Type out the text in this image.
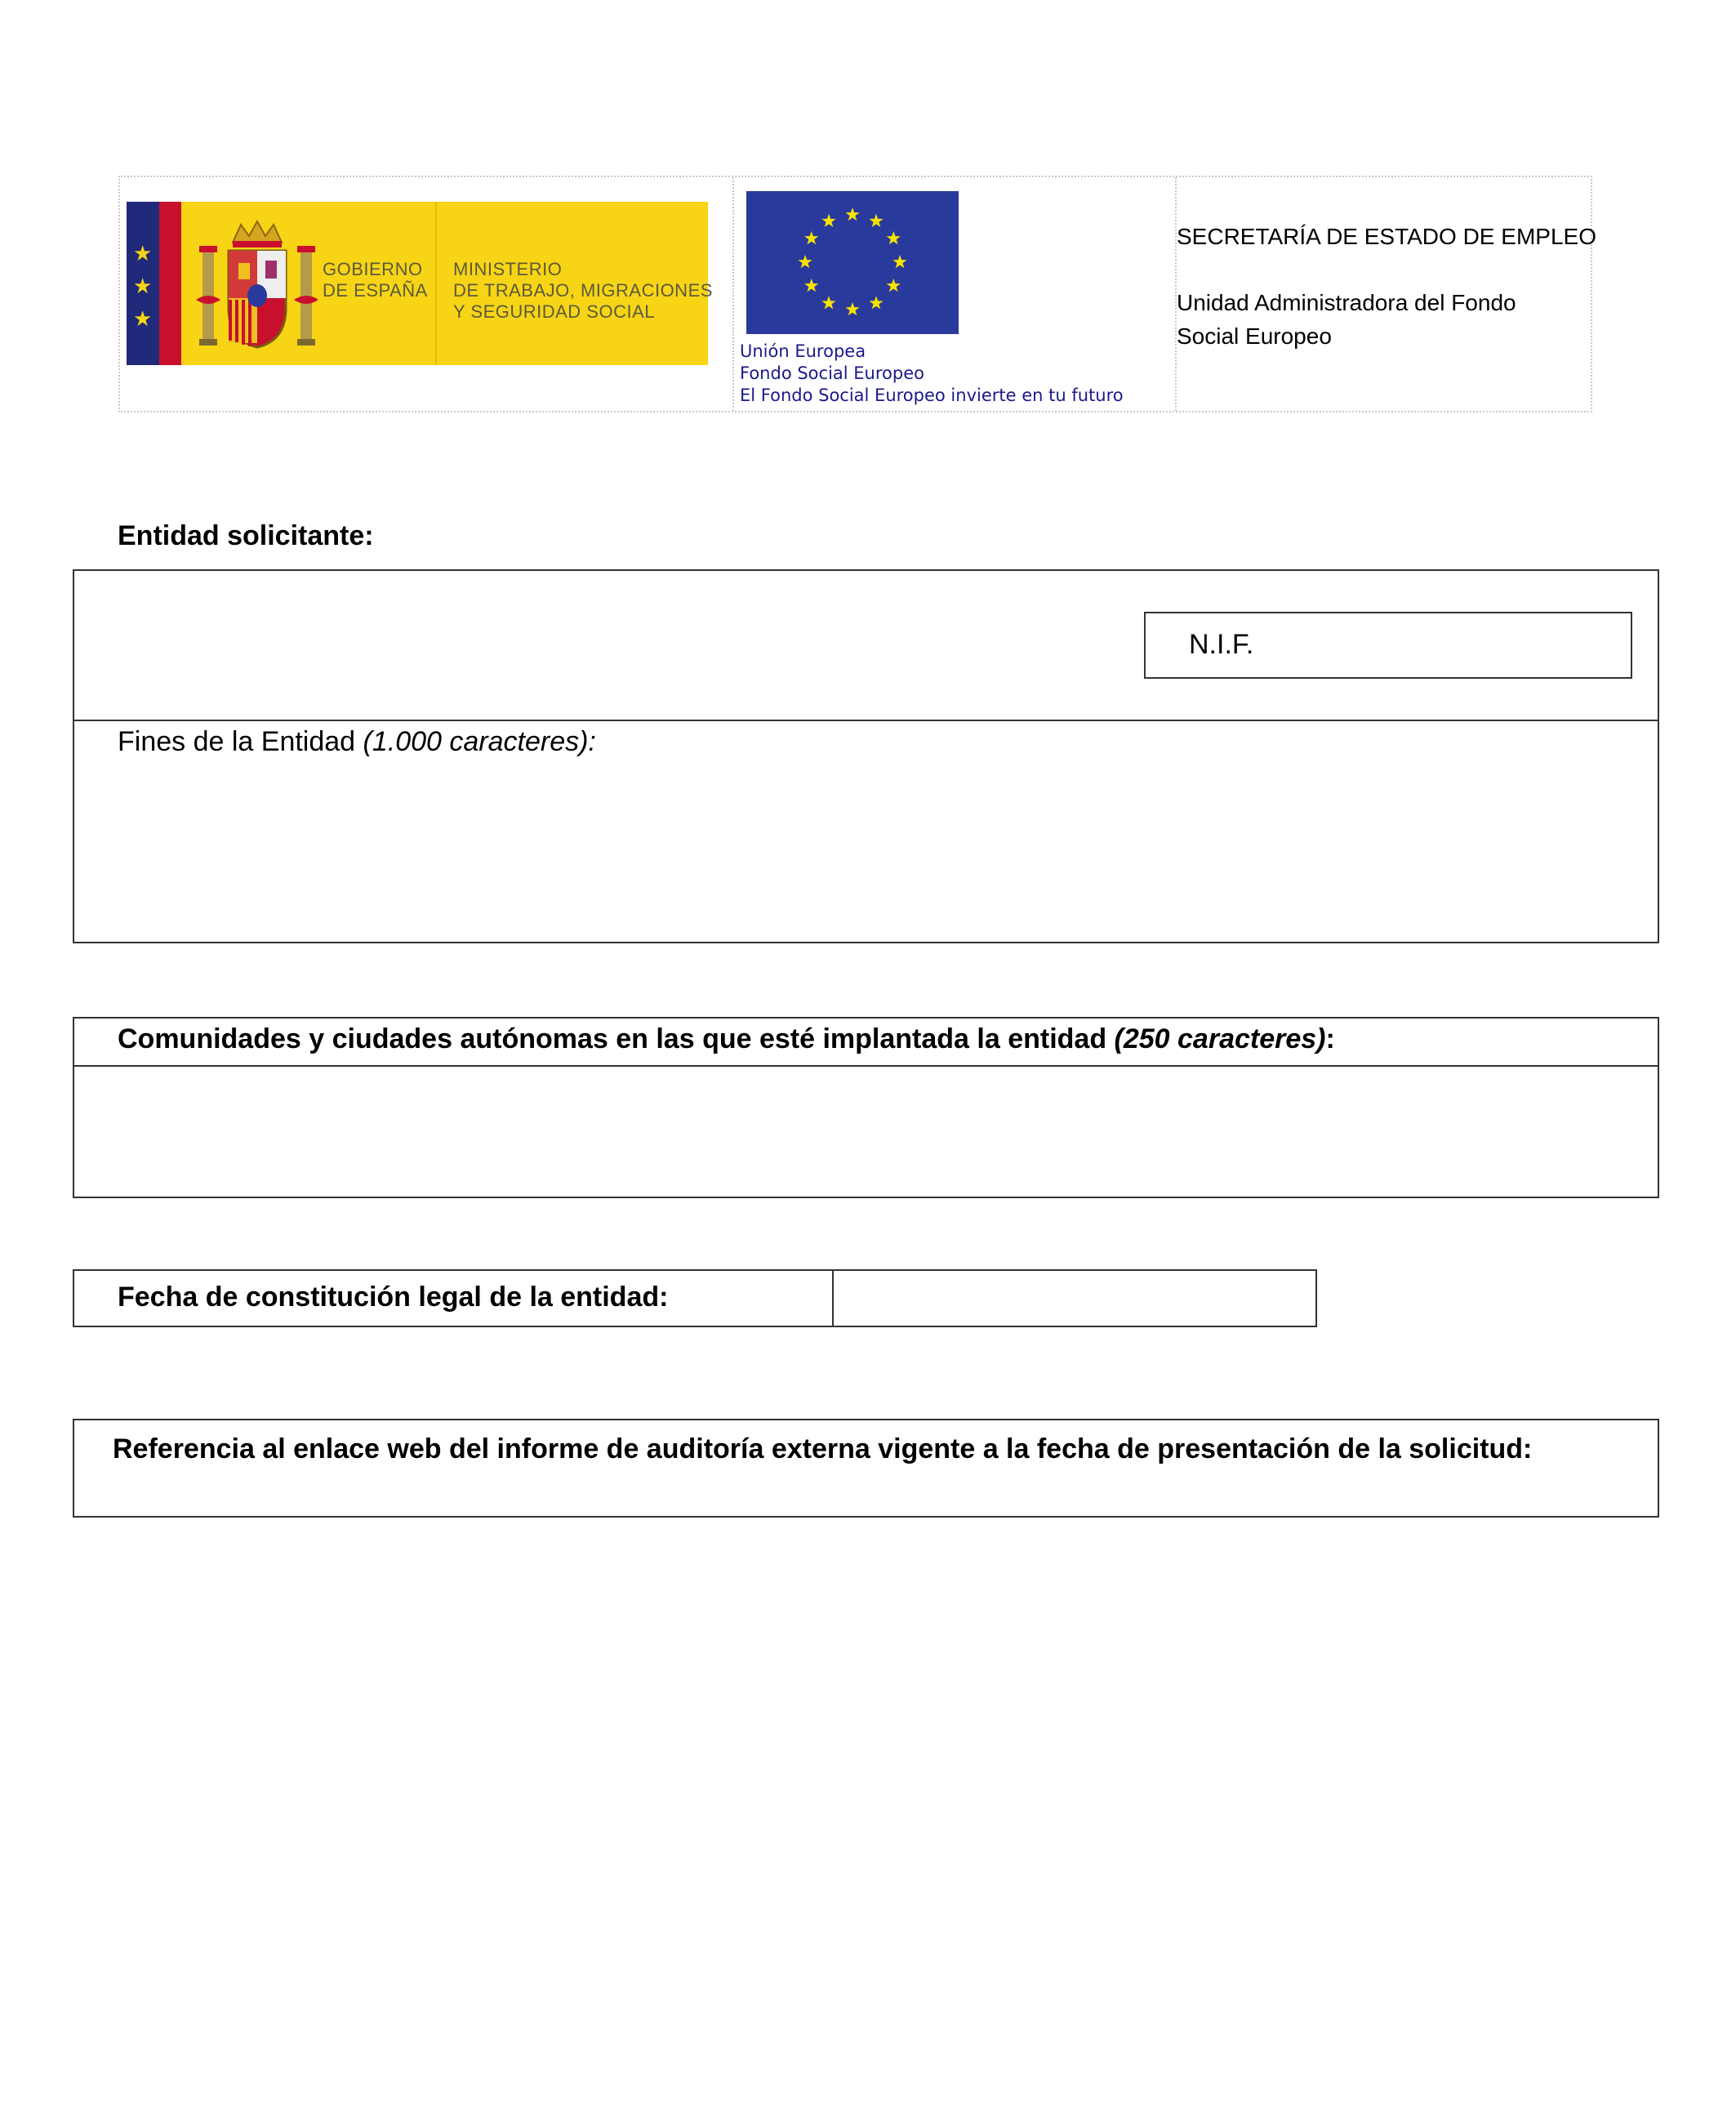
★
★
★
GOBIERNO
DE ESPAÑA
MINISTERIO
DE TRABAJO, MIGRACIONES
Y SEGURIDAD SOCIAL
Unión Europea
Fondo Social Europeo
El Fondo Social Europeo invierte en tu futuro
SECRETARÍA DE ESTADO DE EMPLEO
Unidad Administradora del Fondo
Social Europeo
Entidad solicitante:
N.I.F.
Fines de la Entidad (1.000 caracteres):
Comunidades y ciudades autónomas en las que esté implantada la entidad (250 caracteres):
Fecha de constitución legal de la entidad:
Referencia al enlace web del informe de auditoría externa vigente a la fecha de presentación de la solicitud:
